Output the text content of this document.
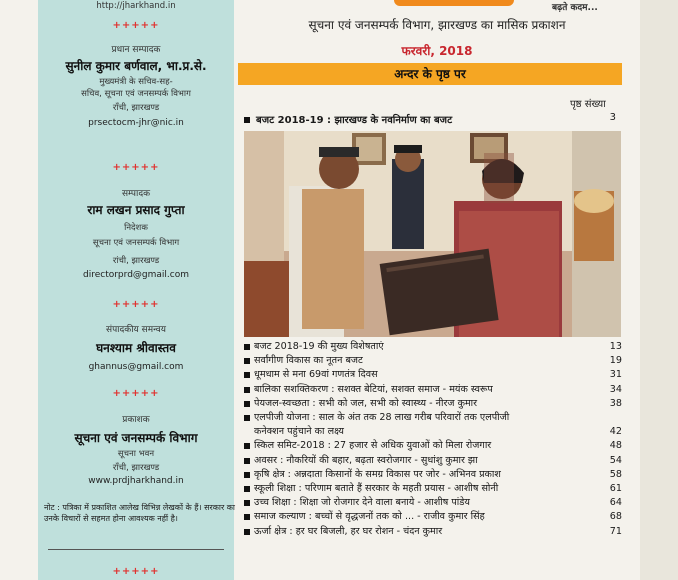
http://jharkhand.in
+++++
प्रधान सम्पादक
सुनील कुमार बर्णवाल, भा.प्र.से.
मुख्यमंत्री के सचिव-सह-
सचिव, सूचना एवं जनसम्पर्क विभाग
राँची, झारखण्ड
prsectocm-jhr@nic.in
+++++
सम्पादक
राम लखन प्रसाद गुप्ता
निदेशक
सूचना एवं जनसम्पर्क विभाग
रांची, झारखण्ड
directorprd@gmail.com
+++++
संपादकीय समन्वय
घनश्याम श्रीवास्तव
ghannus@gmail.com
+++++
प्रकाशक
सूचना एवं जनसम्पर्क विभाग
सूचना भवन
राँची, झारखण्ड
www.prdjharkhand.in
नोट : पत्रिका में प्रकाशित आलेख विभिन्न लेखकों के हैं। सरकार का उनके विचारों से सहमत होना आवश्यक नहीं है।
+++++
बढ़ते कदम...
सूचना एवं जनसम्पर्क विभाग, झारखण्ड का मासिक प्रकाशन
फरवरी, 2018
अन्दर के पृष्ठ पर
पृष्ठ संख्या
बजट 2018-19 : झारखण्ड के नवनिर्माण का बजट	3
बजट 2018-19 की मुख्य विशेषताएं	13
सर्वांगीण विकास का नूतन बजट	19
धूमधाम से मना 69वां गणतंत्र दिवस	31
बालिका सशक्तिकरण : सशक्त बेटियां, सशक्त समाज - मयंक स्वरूप	34
पेयजल-स्वच्छता : सभी को जल, सभी को स्वास्थ्य - नीरज कुमार	38
एलपीजी योजना : साल के अंत तक 28 लाख गरीब परिवारों तक एलपीजी
कनेक्शन पहुंचाने का लक्ष्य	42
स्किल समिट-2018 : 27 हजार से अधिक युवाओं को मिला रोजगार	48
अवसर : नौकरियों की बहार, बढ़ता स्वरोजगार - सुधांशु कुमार झा	54
कृषि क्षेत्र : अन्नदाता किसानों के समग्र विकास पर जोर - अभिनव प्रकाश	58
स्कूली शिक्षा : परिणाम बताते हैं सरकार के महती प्रयास - आशीष सोनी	61
उच्च शिक्षा : शिक्षा जो रोजगार देने वाला बनाये - आशीष पांडेय	64
समाज कल्याण : बच्चों से वृद्धजनों तक को ... - राजीव कुमार सिंह	68
ऊर्जा क्षेत्र : हर घर बिजली, हर घर रोशन - चंदन कुमार	71
